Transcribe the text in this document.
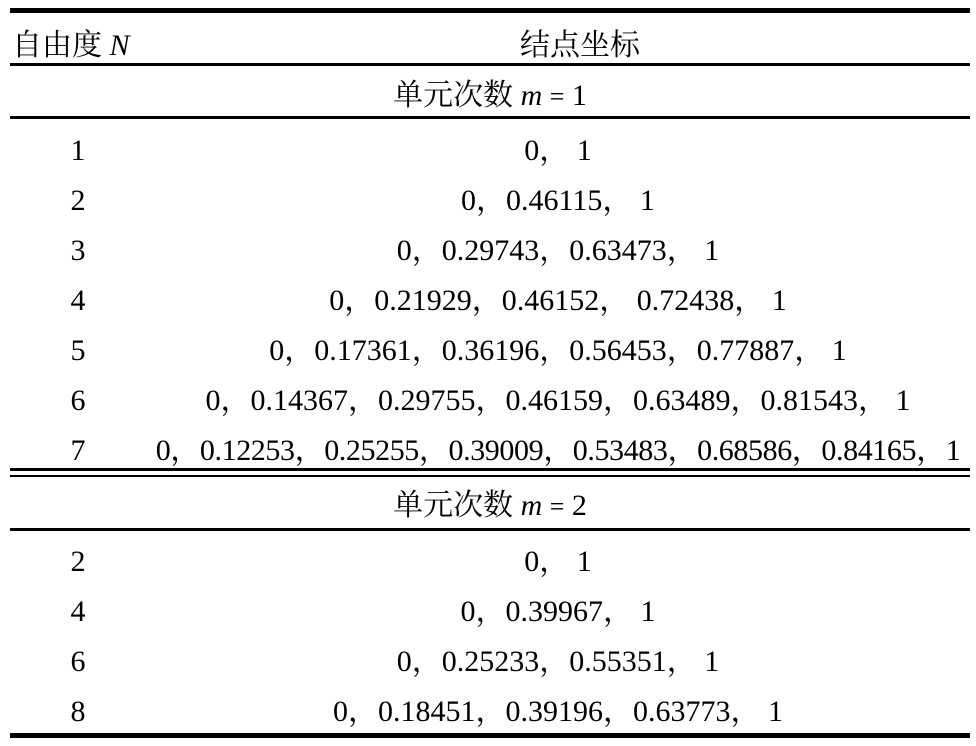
自由度 N	结点坐标
单元次数 m = 1
1	0， 1
2	0，0.46115， 1
3	0，0.29743，0.63473， 1
4	0，0.21929，0.46152， 0.72438， 1
5	0，0.17361，0.36196，0.56453，0.77887， 1
6	0，0.14367，0.29755，0.46159，0.63489，0.81543， 1
7	0，0.12253，0.25255，0.39009，0.53483，0.68586，0.84165，1
单元次数 m = 2
2	0， 1
4	0，0.39967， 1
6	0，0.25233，0.55351， 1
8	0，0.18451，0.39196，0.63773， 1
